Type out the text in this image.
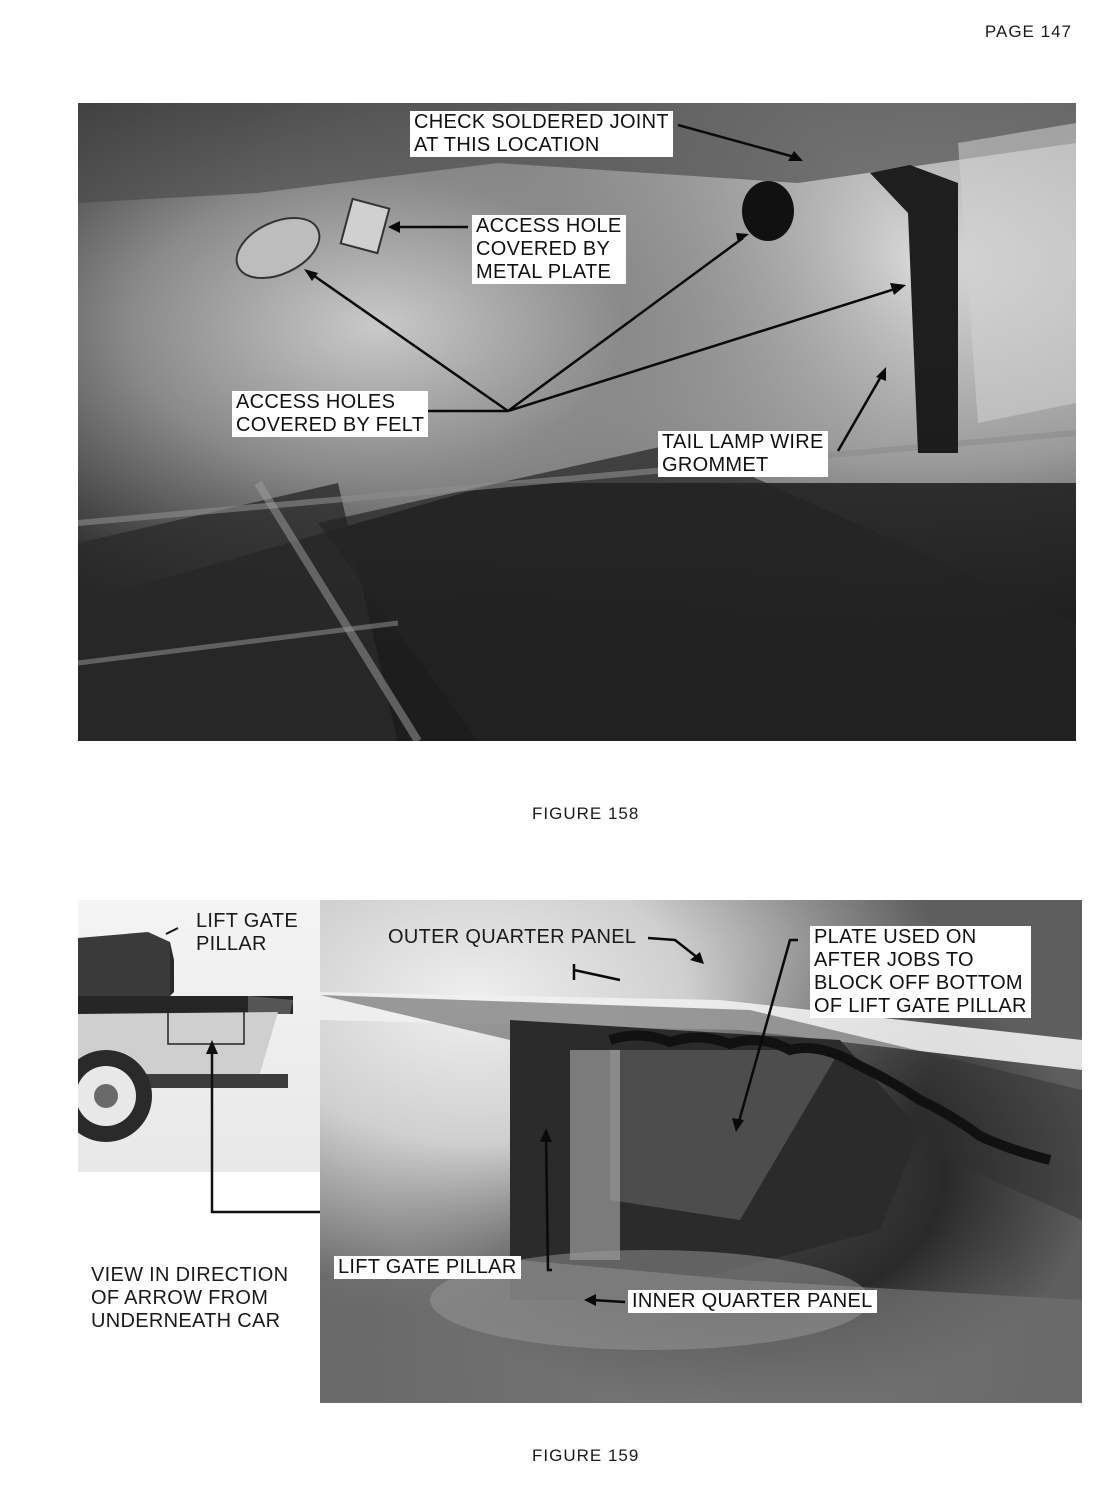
PAGE 147
CHECK SOLDERED JOINT
AT THIS LOCATION
ACCESS HOLE
COVERED BY
METAL PLATE
ACCESS HOLES
COVERED BY FELT
TAIL LAMP WIRE
GROMMET
FIGURE 158
LIFT GATE
PILLAR
VIEW IN DIRECTION
OF ARROW FROM
UNDERNEATH CAR
OUTER QUARTER PANEL	PLATE USED ON
AFTER JOBS TO
BLOCK OFF BOTTOM
OF LIFT GATE PILLAR
LIFT GATE PILLAR
INNER QUARTER PANEL
FIGURE 159
